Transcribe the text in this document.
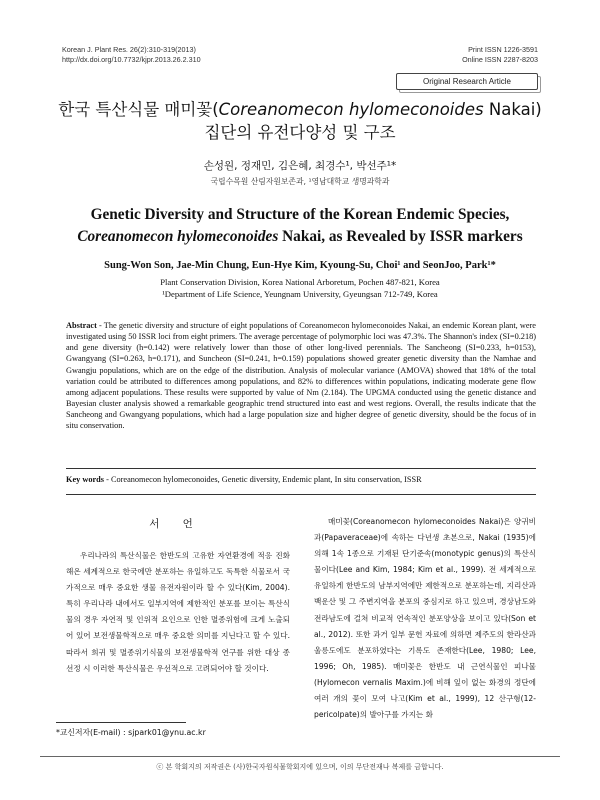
Korean J. Plant Res. 26(2):310-319(2013)
http://dx.doi.org/10.7732/kjpr.2013.26.2.310
Print ISSN 1226-3591
Online ISSN 2287-8203
Original Research Article
한국 특산식물 매미꽃(Coreanomecon hylomeconoides Nakai)
집단의 유전다양성 및 구조
손성원, 정재민, 김은혜, 최경수¹, 박선주¹*
국립수목원 산림자원보존과, ¹영남대학교 생명과학과
Genetic Diversity and Structure of the Korean Endemic Species,
Coreanomecon hylomeconoides Nakai, as Revealed by ISSR markers
Sung-Won Son, Jae-Min Chung, Eun-Hye Kim, Kyoung-Su, Choi¹ and SeonJoo, Park¹*
Plant Conservation Division, Korea National Arboretum, Pochen 487-821, Korea
¹Department of Life Science, Yeungnam University, Gyeungsan 712-749, Korea
Abstract - The genetic diversity and structure of eight populations of Coreanomecon hylomeconoides Nakai, an endemic Korean plant, were investigated using 50 ISSR loci from eight primers. The average percentage of polymorphic loci was 47.3%. The Shannon's index (SI=0.218) and gene diversity (h=0.142) were relatively lower than those of other long-lived perennials. The Sancheong (SI=0.233, h=0153), Gwangyang (SI=0.263, h=0.171), and Suncheon (SI=0.241, h=0.159) populations showed greater genetic diversity than the Namhae and Gwangju populations, which are on the edge of the distribution. Analysis of molecular variance (AMOVA) showed that 18% of the total variation could be attributed to differences among populations, and 82% to differences within populations, indicating moderate gene flow among adjacent populations. These results were supported by value of Nm (2.184). The UPGMA conducted using the genetic distance and Bayesian cluster analysis showed a remarkable geographic trend structured into east and west regions. Overall, the results indicate that the Sancheong and Gwangyang populations, which had a large population size and higher degree of genetic diversity, should be the focus of in situ conservation.
Key words - Coreanomecon hylomeconoides, Genetic diversity, Endemic plant, In situ conservation, ISSR
서 언

우리나라의 특산식물은 한반도의 고유한 자연환경에 적응 진화해온 세계적으로 한국에만 분포하는 유일하고도 독특한 식물로서 국가적으로 매우 중요한 생물 유전자원이라 할 수 있다(Kim, 2004). 특히 우리나라 내에서도 일부지역에 제한적인 분포를 보이는 특산식물의 경우 자연적 및 인위적 요인으로 인한 멸종위험에 크게 노출되어 있어 보전생물학적으로 매우 중요한 의미를 지닌다고 할 수 있다. 따라서 희귀 및 멸종위기식물의 보전생물학적 연구를 위한 대상 종 선정 시 이러한 특산식물은 우선적으로 고려되어야 할 것이다.

매미꽃(Coreanomecon hylomeconoides Nakai)은 양귀비과(Papaveraceae)에 속하는 다년생 초본으로, Nakai (1935)에 의해 1속 1종으로 기재된 단기준속(monotypic genus)의 특산식물이다(Lee and Kim, 1984; Kim et al., 1999). 전 세계적으로 유일하게 한반도의 남부지역에만 제한적으로 분포하는데, 지리산과 백운산 및 그 주변지역을 분포의 중심지로 하고 있으며, 경상남도와 전라남도에 걸쳐 비교적 연속적인 분포양상을 보이고 있다(Son et al., 2012). 또한 과거 일부 문헌 자료에 의하면 제주도의 한라산과 울릉도에도 분포하였다는 기록도 존재한다(Lee, 1980; Lee, 1996; Oh, 1985). 매미꽃은 한반도 내 근연식물인 피나물(Hylomecon vernalis Maxim.)에 비해 잎이 없는 화경의 정단에 여러 개의 꽃이 모여 나고(Kim et al., 1999), 12 산구형(12-pericolpate)의 발아구를 가지는 화

*교신저자(E-mail) : sjpark01@ynu.ac.kr
ⓒ 본 학회지의 저작권은 (사)한국자원식물학회지에 있으며, 이의 무단전재나 복제를 금합니다.
